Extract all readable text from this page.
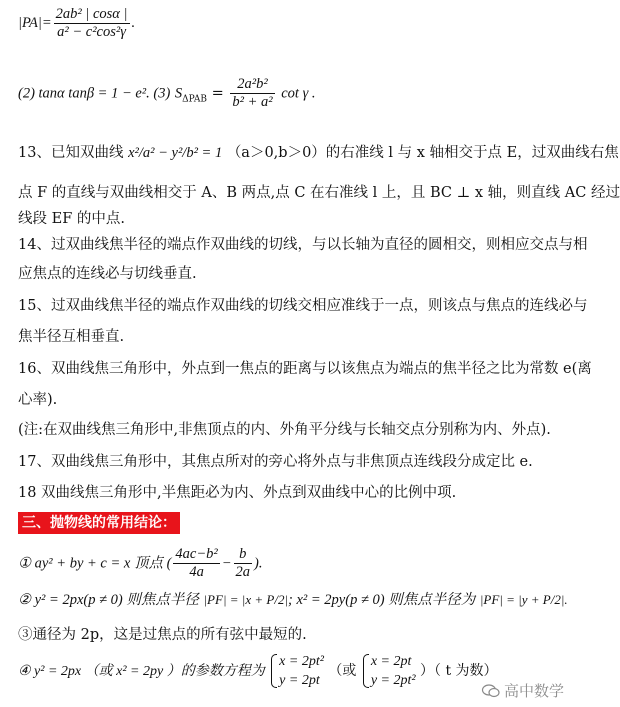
$|PA|= \frac{\text{2ab² | cosα |}}{\text{a² − c²cos²γ}}$ .
(2) tanα tanβ = 1 − e². (3) $S_{\Delta PAB} = \frac{\text{2a²b²}}{\text{b² + a²}}$ cot γ .
13、已知双曲线 x²/a² − y²/b² = 1 （a＞0,b＞0）的右准线 l 与 x 轴相交于点 E，过双曲线右焦
点 F 的直线与双曲线相交于 A、B 两点,点 C 在右准线 l 上，且 BC ⊥ x 轴，则直线 AC 经过
线段 EF 的中点.
14、过双曲线焦半径的端点作双曲线的切线，与以长轴为直径的圆相交，则相应交点与相
应焦点的连线必与切线垂直.
15、过双曲线焦半径的端点作双曲线的切线交相应准线于一点，则该点与焦点的连线必与
焦半径互相垂直.
16、双曲线焦三角形中，外点到一焦点的距离与以该焦点为端点的焦半径之比为常数 e(离
心率).
(注:在双曲线焦三角形中,非焦顶点的内、外角平分线与长轴交点分别称为内、外点).
17、双曲线焦三角形中，其焦点所对的旁心将外点与非焦顶点连线段分成定比 e.
18 双曲线焦三角形中,半焦距必为内、外点到双曲线中心的比例中项.
三、抛物线的常用结论：
① ay² + by + c = x 顶点 ( $\frac{\text{4ac−b²}}{4a} - \frac{b}{2a}$ ).
② y² = 2px(p ≠ 0) 则焦点半径 |PF| = |x + P/2|; x² = 2py(p ≠ 0) 则焦点半径为 |PF| = |y + P/2|.
③通径为 2p，这是过焦点的所有弦中最短的.
④ y² = 2px （或 x² = 2py ）的参数方程为
x = 2pt²
y = 2pt
（或
x = 2pt
y = 2pt²
）（ t 为数）
高中数学
